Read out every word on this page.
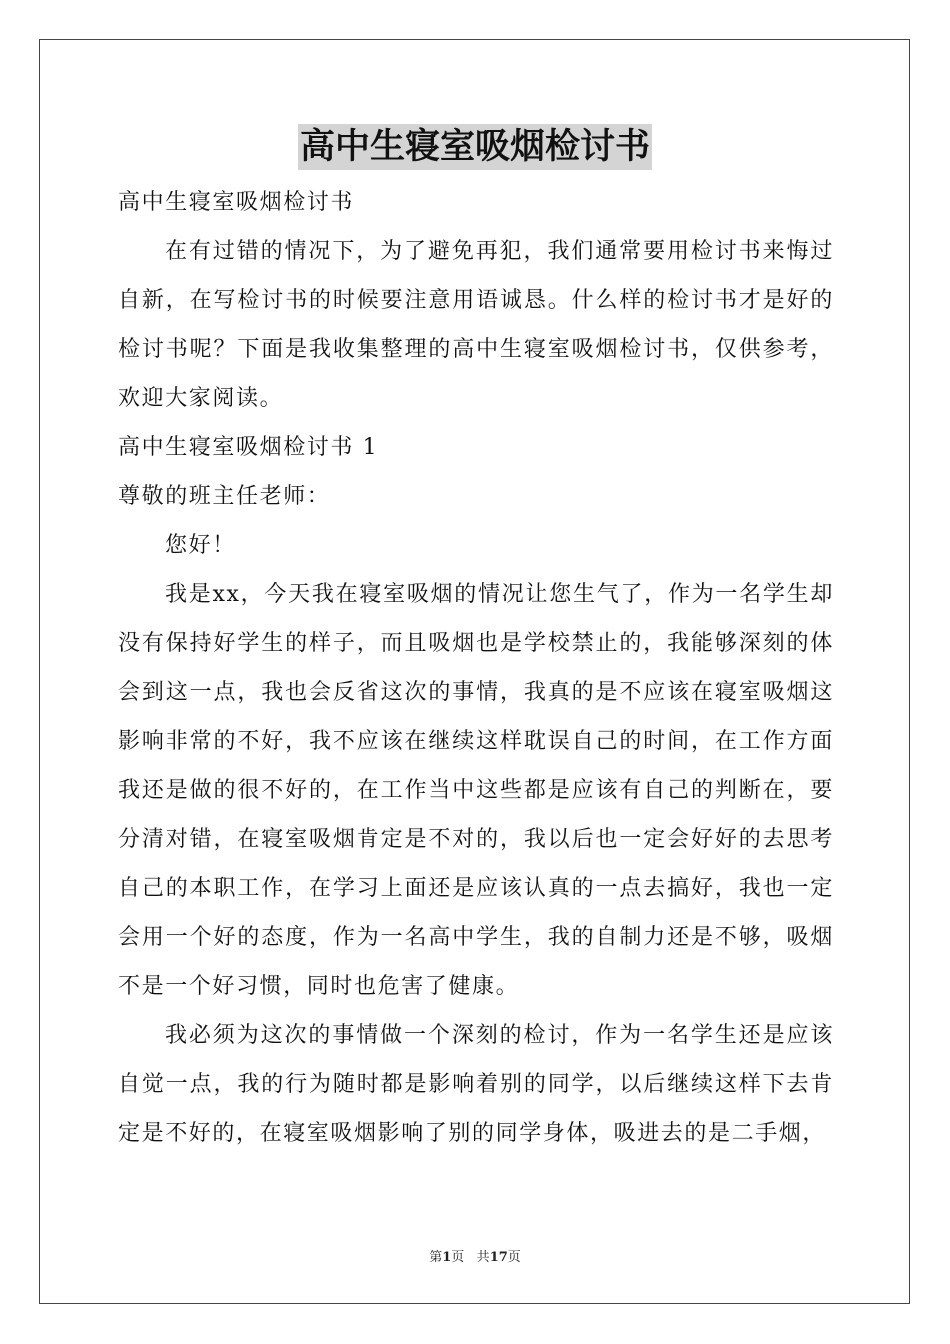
高中生寝室吸烟检讨书

高中生寝室吸烟检讨书

在有过错的情况下，为了避免再犯，我们通常要用检讨书来悔过自新，在写检讨书的时候要注意用语诚恳。什么样的检讨书才是好的检讨书呢？下面是我收集整理的高中生寝室吸烟检讨书，仅供参考，欢迎大家阅读。

高中生寝室吸烟检讨书 1

尊敬的班主任老师：

您好！

我是xx，今天我在寝室吸烟的情况让您生气了，作为一名学生却没有保持好学生的样子，而且吸烟也是学校禁止的，我能够深刻的体会到这一点，我也会反省这次的事情，我真的是不应该在寝室吸烟这影响非常的不好，我不应该在继续这样耽误自己的时间，在工作方面我还是做的很不好的，在工作当中这些都是应该有自己的判断在，要分清对错，在寝室吸烟肯定是不对的，我以后也一定会好好的去思考自己的本职工作，在学习上面还是应该认真的一点去搞好，我也一定会用一个好的态度，作为一名高中学生，我的自制力还是不够，吸烟不是一个好习惯，同时也危害了健康。

我必须为这次的事情做一个深刻的检讨，作为一名学生还是应该自觉一点，我的行为随时都是影响着别的同学，以后继续这样下去肯定是不好的，在寝室吸烟影响了别的同学身体，吸进去的是二手烟，

第1页 共17页
